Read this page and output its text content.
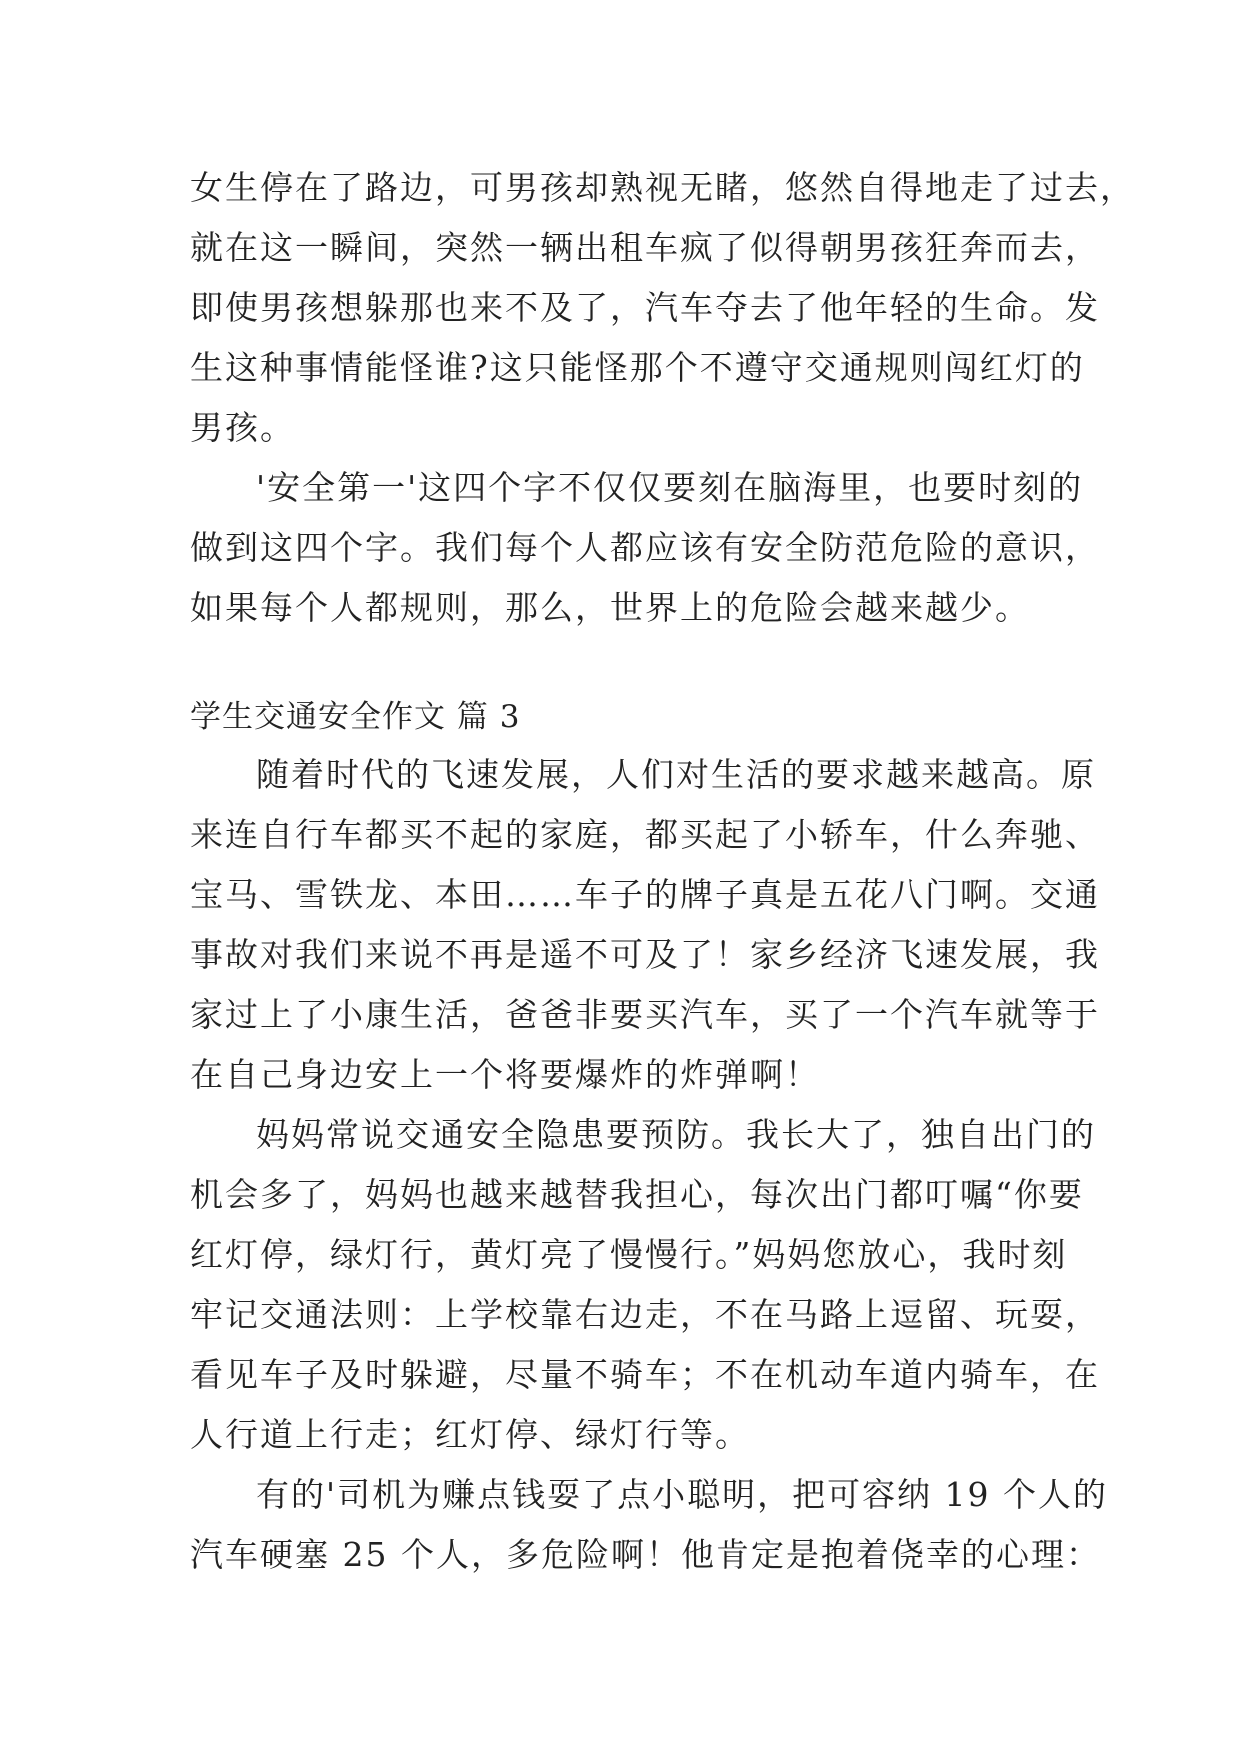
女生停在了路边，可男孩却熟视无睹，悠然自得地走了过去，
就在这一瞬间，突然一辆出租车疯了似得朝男孩狂奔而去，
即使男孩想躲那也来不及了，汽车夺去了他年轻的生命。发
生这种事情能怪谁?这只能怪那个不遵守交通规则闯红灯的
男孩。
'安全第一'这四个字不仅仅要刻在脑海里，也要时刻的
做到这四个字。我们每个人都应该有安全防范危险的意识，
如果每个人都规则，那么，世界上的危险会越来越少。
学生交通安全作文 篇 3
随着时代的飞速发展，人们对生活的要求越来越高。原
来连自行车都买不起的家庭，都买起了小轿车，什么奔驰、
宝马、雪铁龙、本田……车子的牌子真是五花八门啊。交通
事故对我们来说不再是遥不可及了！家乡经济飞速发展，我
家过上了小康生活，爸爸非要买汽车，买了一个汽车就等于
在自己身边安上一个将要爆炸的炸弹啊！
妈妈常说交通安全隐患要预防。我长大了，独自出门的
机会多了，妈妈也越来越替我担心，每次出门都叮嘱“你要
红灯停，绿灯行，黄灯亮了慢慢行。”妈妈您放心，我时刻
牢记交通法则：上学校靠右边走，不在马路上逗留、玩耍，
看见车子及时躲避，尽量不骑车；不在机动车道内骑车，在
人行道上行走；红灯停、绿灯行等。
有的'司机为赚点钱耍了点小聪明，把可容纳 19 个人的
汽车硬塞 25 个人，多危险啊！他肯定是抱着侥幸的心理：
